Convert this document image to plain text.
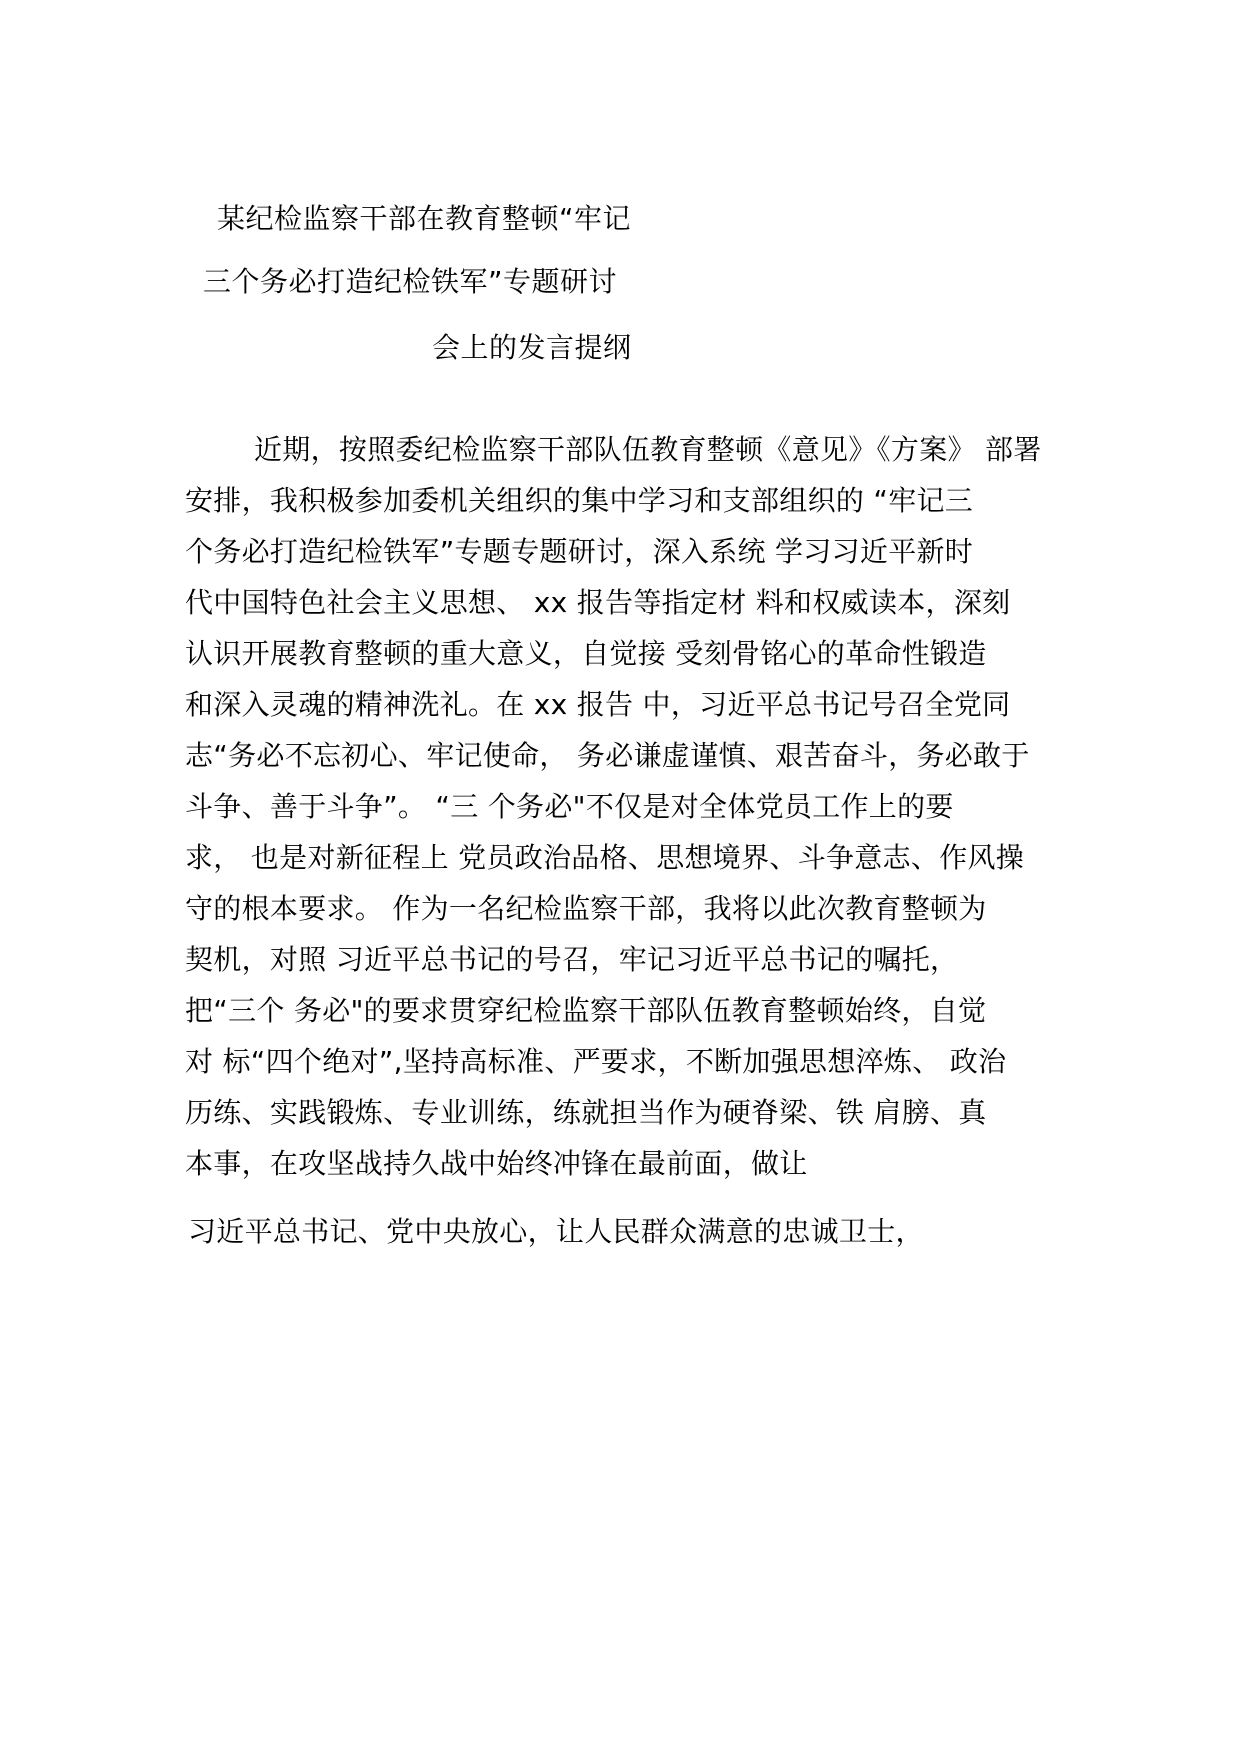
某纪检监察干部在教育整顿“牢记
三个务必打造纪检铁军”专题研讨
会上的发言提纲
近期，按照委纪检监察干部队伍教育整顿《意见》《方案》 部署
安排，我积极参加委机关组织的集中学习和支部组织的 “牢记三
个务必打造纪检铁军”专题专题研讨，深入系统 学习习近平新时
代中国特色社会主义思想、 xx 报告等指定材 料和权威读本，深刻
认识开展教育整顿的重大意义，自觉接 受刻骨铭心的革命性锻造
和深入灵魂的精神洗礼。在 xx 报告 中，习近平总书记号召全党同
志“务必不忘初心、牢记使命， 务必谦虚谨慎、艰苦奋斗，务必敢于
斗争、善于斗争”。 “三 个务必"不仅是对全体党员工作上的要
求， 也是对新征程上 党员政治品格、思想境界、斗争意志、作风操
守的根本要求。 作为一名纪检监察干部，我将以此次教育整顿为
契机，对照 习近平总书记的号召，牢记习近平总书记的嘱托，
把“三个 务必"的要求贯穿纪检监察干部队伍教育整顿始终，自觉
对 标“四个绝对”,坚持高标准、严要求，不断加强思想淬炼、 政治
历练、实践锻炼、专业训练，练就担当作为硬脊梁、铁 肩膀、真
本事，在攻坚战持久战中始终冲锋在最前面，做让
习近平总书记、党中央放心，让人民群众满意的忠诚卫士，
